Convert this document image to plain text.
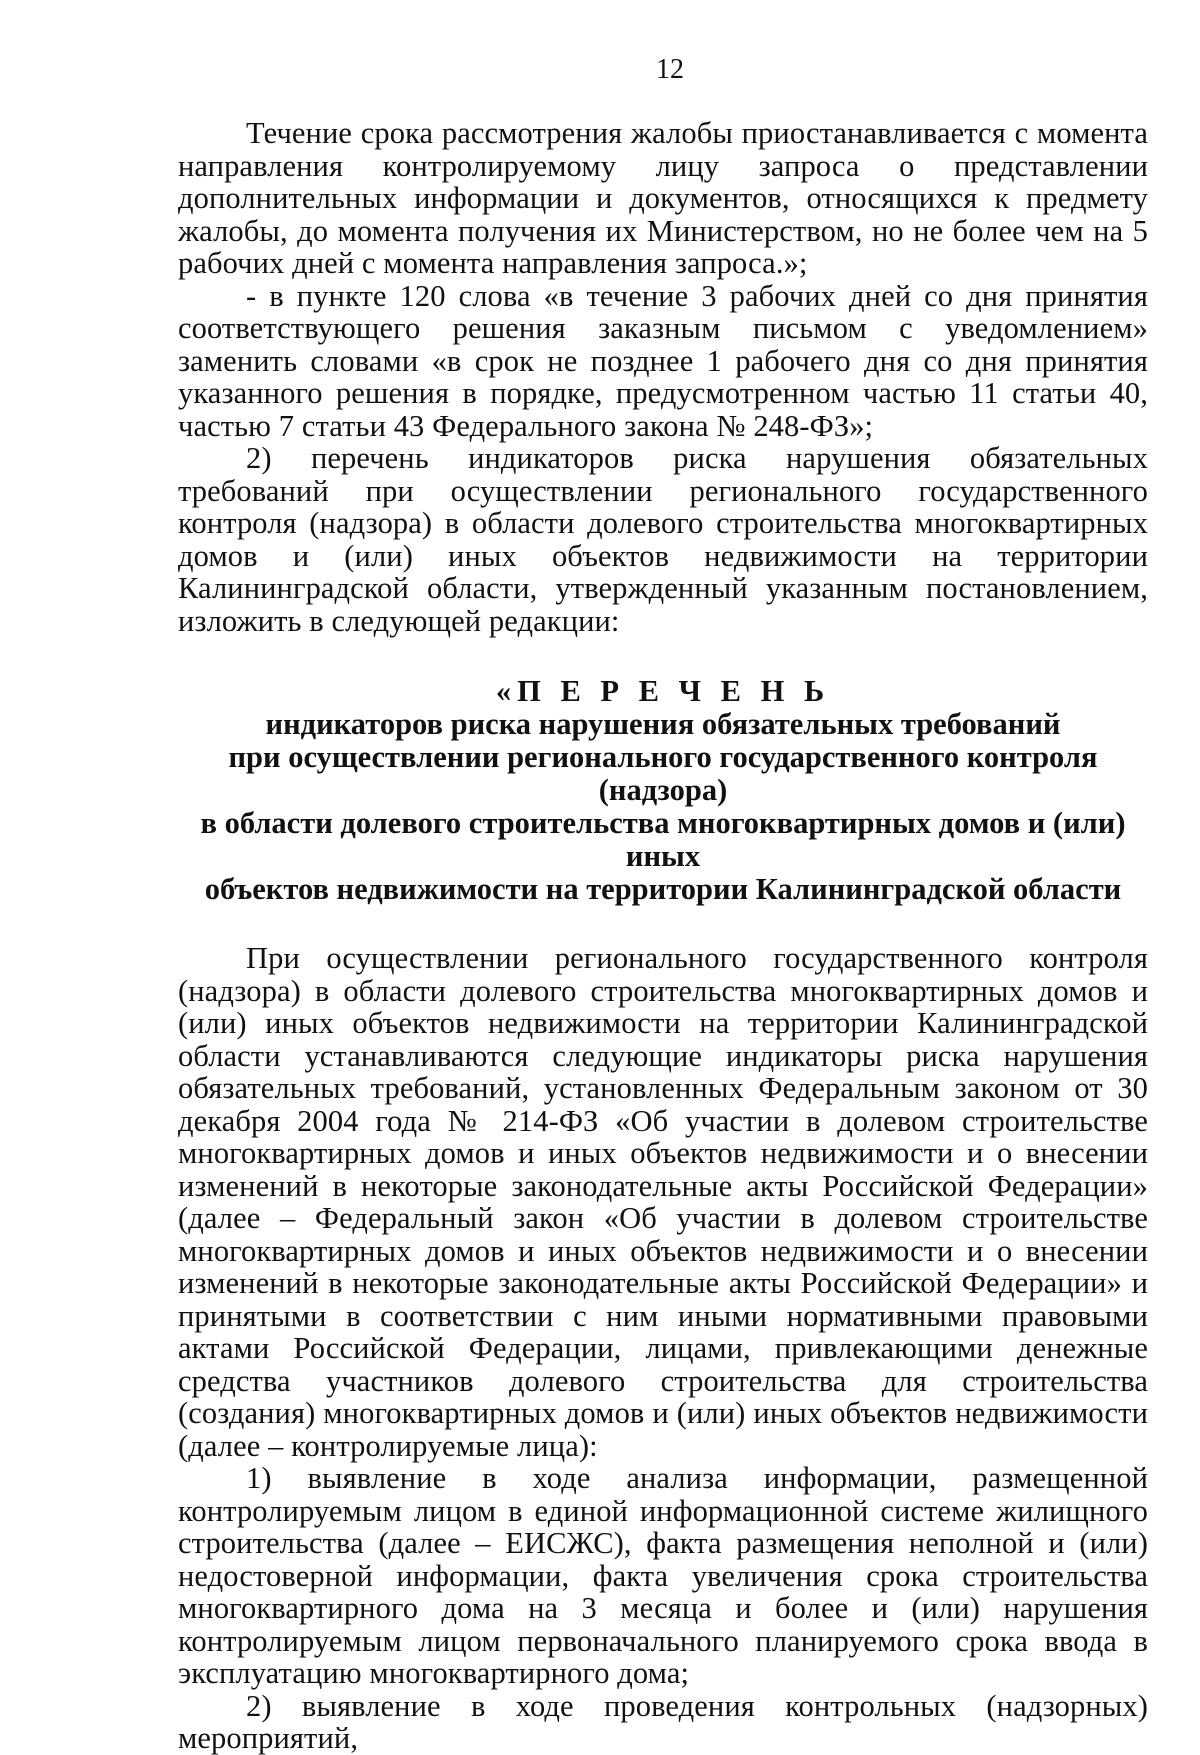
12

Течение срока рассмотрения жалобы приостанавливается с момента направления контролируемому лицу запроса о представлении дополнительных информации и документов, относящихся к предмету жалобы, до момента получения их Министерством, но не более чем на 5 рабочих дней с момента направления запроса.»;

- в пункте 120 слова «в течение 3 рабочих дней со дня принятия соответствующего решения заказным письмом с уведомлением» заменить словами «в срок не позднее 1 рабочего дня со дня принятия указанного решения в порядке, предусмотренном частью 11 статьи 40, частью 7 статьи 43 Федерального закона № 248-ФЗ»;

2) перечень индикаторов риска нарушения обязательных требований при осуществлении регионального государственного контроля (надзора) в области долевого строительства многоквартирных домов и (или) иных объектов недвижимости на территории Калининградской области, утвержденный указанным постановлением, изложить в следующей редакции:

«П Е Р Е Ч Е Н Ь
индикаторов риска нарушения обязательных требований
при осуществлении регионального государственного контроля (надзора)
в области долевого строительства многоквартирных домов и (или) иных
объектов недвижимости на территории Калининградской области

При осуществлении регионального государственного контроля (надзора) в области долевого строительства многоквартирных домов и (или) иных объектов недвижимости на территории Калининградской области устанавливаются следующие индикаторы риска нарушения обязательных требований, установленных Федеральным законом от 30 декабря 2004 года № 214-ФЗ «Об участии в долевом строительстве многоквартирных домов и иных объектов недвижимости и о внесении изменений в некоторые законодательные акты Российской Федерации» (далее – Федеральный закон «Об участии в долевом строительстве многоквартирных домов и иных объектов недвижимости и о внесении изменений в некоторые законодательные акты Российской Федерации» и принятыми в соответствии с ним иными нормативными правовыми актами Российской Федерации, лицами, привлекающими денежные средства участников долевого строительства для строительства (создания) многоквартирных домов и (или) иных объектов недвижимости (далее – контролируемые лица):

1) выявление в ходе анализа информации, размещенной контролируемым лицом в единой информационной системе жилищного строительства (далее – ЕИСЖС), факта размещения неполной и (или) недостоверной информации, факта увеличения срока строительства многоквартирного дома на 3 месяца и более и (или) нарушения контролируемым лицом первоначального планируемого срока ввода в эксплуатацию многоквартирного дома;

2) выявление в ходе проведения контрольных (надзорных) мероприятий,
